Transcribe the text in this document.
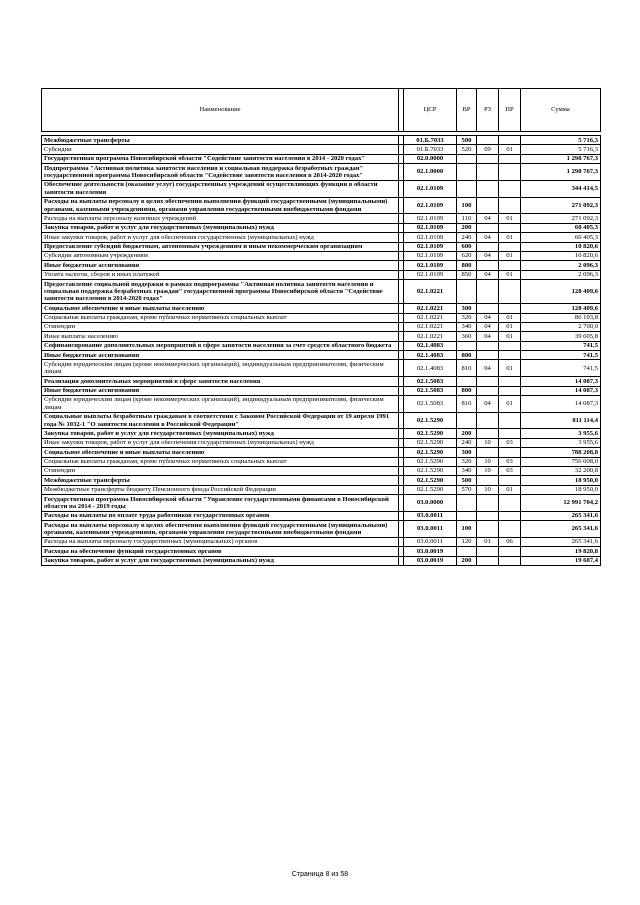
Наименование		ЦСР	ВР	РЗ	ПР	Сумма

Межбюджетные трансферты		01.Б.7033	500			5 716,3
Субсидии		01.Б.7033	520	09	01	5 716,3
Государственная программа Новосибирской области "Содействие занятости населения в 2014 - 2020 годах"		02.0.0000				1 298 767,3
Подпрограмма "Активная политика занятости населения и социальная поддержка безработных граждан" государственной программы Новосибирской области "Содействие занятости населения в 2014-2020 годах"		02.1.0000				1 298 767,3
Обеспечение деятельности (оказание услуг) государственных учреждений осуществляющих функции в области занятости населения		02.1.0109				344 414,5
Расходы на выплаты персоналу в целях обеспечения выполнения функций государственными (муниципальными) органами, казенными учреждениями, органами управления государственными внебюджетными фондами		02.1.0109	100			271 092,3
Расходы на выплаты персоналу казенных учреждений		02.1.0109	110	04	01	271 092,3
Закупка товаров, работ и услуг для государственных (муниципальных) нужд		02.1.0109	200			60 405,3
Иные закупки товаров, работ и услуг для обеспечения государственных (муниципальных) нужд		02.1.0109	240	04	01	60 405,3
Предоставление субсидий бюджетным, автономным учреждениям и иным некоммерческим организациям		02.1.0109	600			10 820,6
Субсидии автономным учреждениям		02.1.0109	620	04	01	10 820,6
Иные бюджетные ассигнования		02.1.0109	800			2 096,3
Уплата налогов, сборов и иных платежей		02.1.0109	850	04	01	2 096,3
Предоставление социальной поддержки в рамках подпрограммы "Активная политика занятости населения и социальная поддержка безработных граждан" государственной программы Новосибирской области "Содействие занятости населения в 2014-2020 годах"		02.1.0221				128 409,6
Социальное обеспечение и иные выплаты населению		02.1.0221	300			128 409,6
Социальные выплаты гражданам, кроме публичных нормативных социальных выплат		02.1.0221	320	04	01	86 103,8
Стипендии		02.1.0221	340	04	01	2 700,0
Иные выплаты населению		02.1.0221	360	04	01	39 605,8
Софинансирование дополнительных мероприятий в сфере занятости населения за счет средств областного бюджета		02.1.4083				741,5
Иные бюджетные ассигнования		02.1.4083	800			741,5
Субсидии юридическим лицам (кроме некоммерческих организаций), индивидуальным предпринимателям, физическим лицам		02.1.4083	810	04	01	741,5
Реализация дополнительных мероприятий в сфере занятости населения		02.1.5083				14 087,3
Иные бюджетные ассигнования		02.1.5083	800			14 087,3
Субсидии юридическим лицам (кроме некоммерческих организаций), индивидуальным предпринимателям, физическим лицам		02.1.5083	810	04	01	14 087,3
Социальные выплаты безработным гражданам в соответствии с Законом Российской Федерации от 19 апреля 1991 года № 1032-1 "О занятости населения в Российской Федерации"		02.1.5290				811 114,4
Закупка товаров, работ и услуг для государственных (муниципальных) нужд		02.1.5290	200			3 955,6
Иные закупки товаров, работ и услуг для обеспечения государственных (муниципальных) нужд		02.1.5290	240	10	03	3 955,6
Социальное обеспечение и иные выплаты населению		02.1.5290	300			788 208,8
Социальные выплаты гражданам, кроме публичных нормативных социальных выплат		02.1.5290	320	10	03	756 008,0
Стипендии		02.1.5290	340	10	03	32 200,8
Межбюджетные трансферты		02.1.5290	500			18 950,0
Межбюджетные трансферты бюджету Пенсионного фонда Российской Федерации		02.1.5290	570	10	01	18 950,0
Государственная программа Новосибирской области "Управление государственными финансами в Новосибирской области на 2014 - 2019 годы		03.0.0000				12 991 704,2
Расходы на выплаты по оплате труда работников государственных органов		03.0.0011				265 341,6
Расходы на выплаты персоналу в целях обеспечения выполнения функций государственными (муниципальными) органами, казенными учреждениями, органами управления государственными внебюджетными фондами		03.0.0011	100			265 341,6
Расходы на выплаты персоналу государственных (муниципальных) органов		03.0.0011	120	01	06	265 341,6
Расходы на обеспечение функций государственных органов		03.0.0019				19 820,8
Закупка товаров, работ и услуг для государственных (муниципальных) нужд		03.0.0019	200			19 687,4
Страница 8 из 58
